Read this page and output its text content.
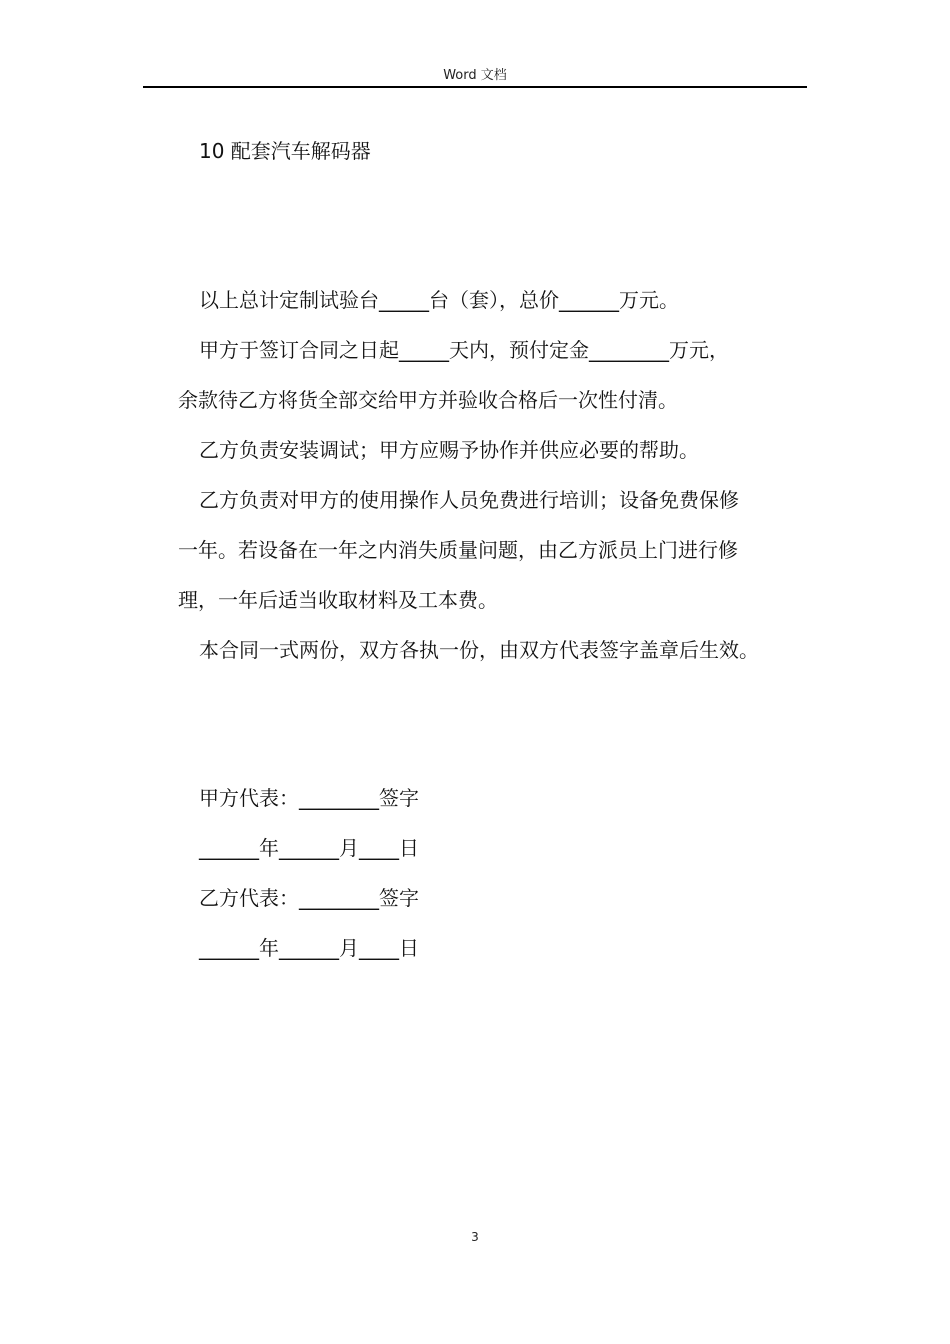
Word 文档
10 配套汽车解码器
以上总计定制试验台_____台（套），总价______万元。
甲方于签订合同之日起_____天内，预付定金________万元，
余款待乙方将货全部交给甲方并验收合格后一次性付清。
乙方负责安装调试；甲方应赐予协作并供应必要的帮助。
乙方负责对甲方的使用操作人员免费进行培训；设备免费保修
一年。若设备在一年之内消失质量问题，由乙方派员上门进行修
理，一年后适当收取材料及工本费。
本合同一式两份，双方各执一份，由双方代表签字盖章后生效。
甲方代表：________签字
______年______月____日
乙方代表：________签字
______年______月____日
3
